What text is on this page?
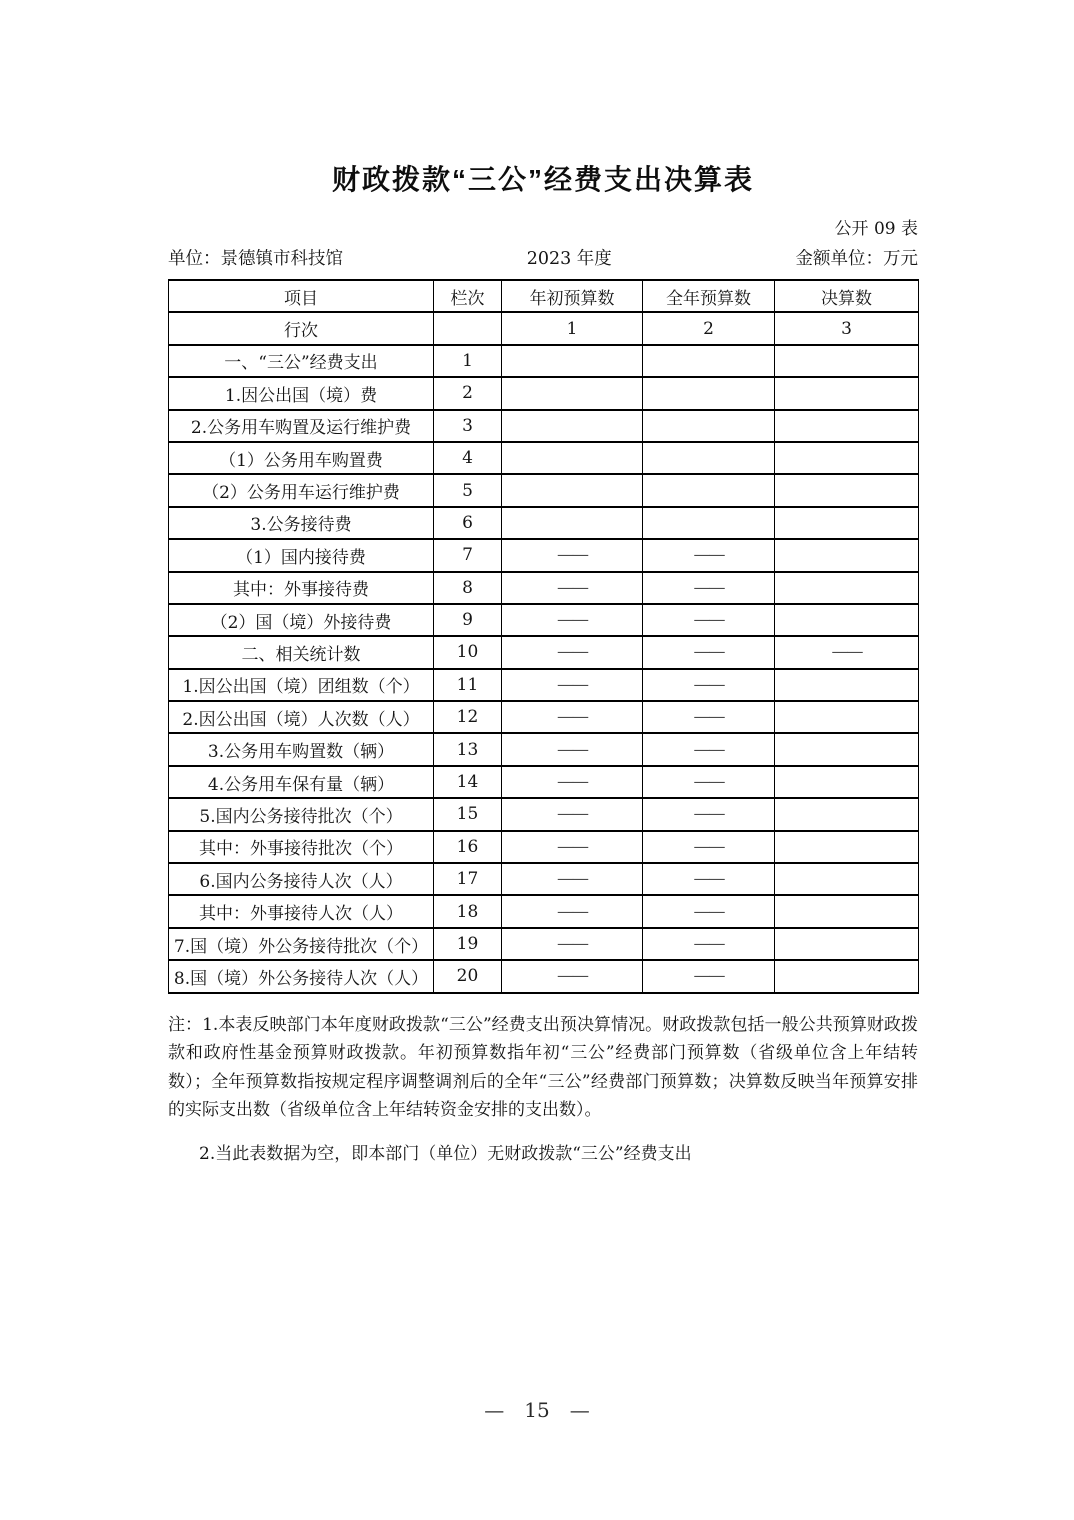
财政拨款“三公”经费支出决算表
公开 09 表
单位：景德镇市科技馆	2023 年度	金额单位：万元
项目	栏次	年初预算数	全年预算数	决算数
行次		1	2	3
一、“三公”经费支出	1			
1.因公出国（境）费	2			
2.公务用车购置及运行维护费	3			
（1）公务用车购置费	4			
（2）公务用车运行维护费	5			
3.公务接待费	6			
（1）国内接待费	7	——	——	
其中：外事接待费	8	——	——	
（2）国（境）外接待费	9	——	——	
二、相关统计数	10	——	——	——
1.因公出国（境）团组数（个）	11	——	——	
2.因公出国（境）人次数（人）	12	——	——	
3.公务用车购置数（辆）	13	——	——	
4.公务用车保有量（辆）	14	——	——	
5.国内公务接待批次（个）	15	——	——	
其中：外事接待批次（个）	16	——	——	
6.国内公务接待人次（人）	17	——	——	
其中：外事接待人次（人）	18	——	——	
7.国（境）外公务接待批次（个）	19	——	——	
8.国（境）外公务接待人次（人）	20	——	——	

注：1.本表反映部门本年度财政拨款“三公”经费支出预决算情况。财政拨款包括一般公共预算财政拨款和政府性基金预算财政拨款。年初预算数指年初“三公”经费部门预算数（省级单位含上年结转数）；全年预算数指按规定程序调整调剂后的全年“三公”经费部门预算数；决算数反映当年预算安排的实际支出数（省级单位含上年结转资金安排的支出数）。

2.当此表数据为空，即本部门（单位）无财政拨款“三公”经费支出

— 15 —
